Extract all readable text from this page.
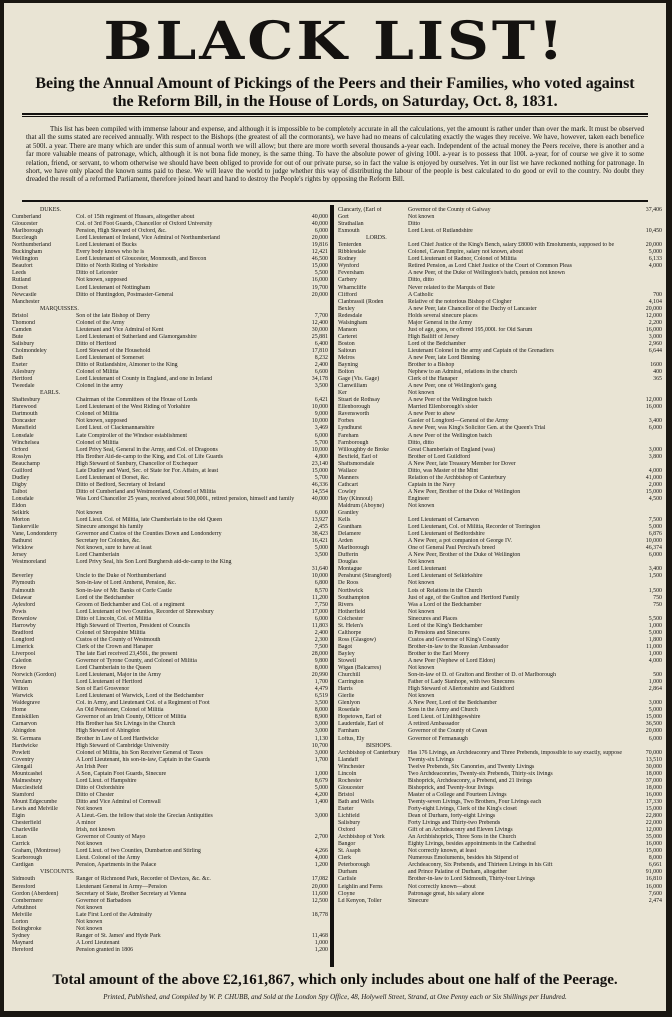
BLACK LIST!
Being the Annual Amount of Pickings of the Peers and their Families, who voted against the Reform Bill, in the House of Lords, on Saturday, Oct. 8, 1831.
This list has been compiled with immense labour and expense, and although it is impossible to be completely accurate in all the calculations, yet the amount is rather under than over the mark. It must be observed that all the sums stated are received annually. With respect to the Bishops (the greatest of all the cormorants), we have had no means of calculating exactly the wages they receive. We have, however, taken each benefice at 500l. a year. There are many which are under this sum of annual worth we will allow; but there are more worth several thousands a-year each. Independent of the actual money the Peers receive, there is another and a far more valuable means of patronage, which, although it is not bona fide money, is the same thing. To have the absolute power of giving 100l. a-year is to possess that 100l. a-year, for of course we give it to some relation, friend, or servant, to whom otherwise we should have been obliged to provide for out of our private purse, so in fact the value is enjoyed by ourselves. Yet in our list we have reckoned nothing for patronage. In short, we have only placed the known sums paid to these. We will leave the world to judge whether this way of distributing the labour of the people is best calculated to do good or evil to the country. No doubt they dreaded the result of a reformed Parliament, therefore joined heart and hand to destroy the People's rights by opposing the Reform Bill.
DUKES.
Cumberland	Col. of 15th regiment of Hussars, altogether about	40,000
Gloucester	Col. of 3rd Foot Guards, Chancellor of Oxford University	40,000
Marlborough	Pension, High Steward of Oxford, &c.	6,000
Buccleugh	Lord Lieutenant of Ireland, Vice Admiral of Northumberland	20,000
Northumberland	Lord Lieutenant of Bucks	19,816
Buckingham	Every body knows who he is	12,421
Wellington	Lord Lieutenant of Gloucester, Monmouth, and Brecon	46,500
Beaufort	Ditto of North Riding of Yorkshire	15,000
Leeds	Ditto of Leicester	5,500
Rutland	Not known, supposed	16,000
Dorset	Lord Lieutenant of Nottingham	19,700
Newcastle	Ditto of Huntingdon, Postmaster-General	20,000
Manchester
MARQUISSES.
Bristol	Son of the late Bishop of Derry	7,700
Thomond	Colonel of the Army	12,400
Camden	Lieutenant and Vice Admiral of Kent	30,000
Bute	Lord Lieutenant of Sutherland and Glamorganshire	25,881
Salisbury	Ditto of Hertford	6,400
Cholmondeley	Lord Steward of the Household	17,810
Bath	Lord Lieutenant of Somerset	8,232
Exeter	Ditto of Rutlandshire, Almoner to the King	2,400
Ailesbury	Colonel of Militia	6,600
Hertford	Lord Lieutenant of County in England, and one in Ireland	34,178
Tweedale	Colonel in the army	3,500
EARLS.
Shaftesbury	Chairman of the Committees of the House of Lords	6,421
Harewood	Lord Lieutenant of the West Riding of Yorkshire	10,000
Dartmouth	Colonel of Militia	9,000
Doncaster	Not known, supposed	10,000
Mansfield	Lord Lieut. of Clackmannanshire	3,469
Lonsdale	Late Comptroller of the Windsor establishment	6,000
Winchelsea	Colonel of Militia	5,700
Orford	Lord Privy Seal, General in the Army, and Col. of Dragoons	10,000
Rosslyn	His Brother Aid-de-camp to the King, and Col. of Life Guards	4,800
Beauchamp	High Steward of Sunbury, Chancellor of Exchequer	23,140
Guilford	Late Dudley and Ward, Sec. of State for For. Affairs, at least	15,000
Dudley	Lord Lieutenant of Dorset, &c.	5,700
Digby	Ditto of Bedford, Secretary of Ireland	46,336
Talbot	Ditto of Cumberland and Westmoreland, Colonel of Militia	14,554
Lonsdale	Was Lord Chancellor 25 years, received about 500,000l., retired pension, himself and family	40,000
Eldon
Selkirk	Not known	6,000
Morton	Lord Lieut. Col. of Militia, late Chamberlain to the old Queen	13,927
Tankerville	Sinecure amongst his family	2,455
Vane, Londonderry	Governor and Custos of the Counties Down and Londonderry	38,423
Bathurst	Secretary for Colonies, &c.	16,421
Wicklow	Not known, sure to have at least	5,000
Jersey	Lord Chamberlain	3,500
Westmoreland	Lord Privy Seal, his Son Lord Burghersh aid-de-camp to the King
31,640
Beverley	Uncle to the Duke of Northumberland	10,000
Plymouth	Son-in-law of Lord Amherst, Pension, &c.	6,800
Falmouth	Son-in-law of Mr. Banks of Corfe Castle	8,570
Delawar	Lord of the Bedchamber	11,200
Aylesford	Groom of Bedchamber and Col. of a regiment	7,750
Powis	Lord Lieutenant of two Counties, Recorder of Shrewsbury	17,000
Brownlow	Ditto of Lincoln, Col. of Militia	6,000
Harrowby	High Steward of Tiverton, President of Councils	11,803
Bradford	Colonel of Shropshire Militia	2,400
Longford	Custos of the County of Westmouth	2,300
Limerick	Clerk of the Crown and Hanaper	7,500
Liverpool	The late Earl received 23,450l., the present	28,000
Caledon	Governor of Tyrone County, and Colonel of Militia	9,800
Howe	Lord Chamberlain to the Queen	8,000
Norwich (Gordon)	Lord Lieutenant, Major in the Army	20,990
Verulam	Lord Lieutenant of Hertford	1,700
Wilton	Son of Earl Grosvenor	4,479
Warwick	Lord Lieutenant of Warwick, Lord of the Bedchamber	6,519
Waldegrave	Col. in Army, and Lieutenant Col. of a Regiment of Foot	3,500
Home	An Old Pensioner, Colonel of Militia	8,000
Enniskillen	Governor of an Irish County, Officer of Militia	8,900
Carnarvon	His Brother has Six Livings in the Church	3,000
Abingdon	High Steward of Abingdon	3,000
St. Germans	Brother in Law of Lord Hardwicke	1,130
Hardwicke	High Steward of Cambridge University	10,700
Powlett	Colonel of Militia, his Son Receiver General of Taxes	3,000
Coventry	A Lord Lieutenant, his son-in-law, Captain in the Guards	1,700
Glengall	An Irish Peer
Mountcashel	A Son, Captain Foot Guards, Sinecure	1,000
Malmesbury	Lord Lieut. of Hampshire	8,679
Macclesfield	Ditto of Oxfordshire	5,000
Stamford	Ditto of Chester	4,200
Mount Edgecumbe	Ditto and Vice Admiral of Cornwall	1,400
Lewis and Melville	Not known
Eigin	A Lieut.-Gen. the fellow that stole the Grecian Antiquities	3,000
Chesterfield	A minor
Charleville	Irish, not known
Lucan	Governor of County of Mayo	2,700
Carrick	Not known
Graham, (Montrose)	Lord Lieut. of two Counties, Dumbarton and Stirling	4,266
Scarborough	Lieut. Colonel of the Army	4,000
Cardigan	Pension, Apartments in the Palace	1,200
VISCOUNTS.
Sidmouth	Ranger of Richmond Park, Recorder of Devizes, &c. &c.	17,082
Beresford	Lieutenant General in Army—Pension	20,000
Gordon (Aberdeen)	Secretary of State, Brother Secretary at Vienna	11,600
Combermere	Governor of Barbadoes	12,500
Arbuthnot	Not known
Melville	Late First Lord of the Admiralty	18,778
Lorton	Not known
Bolingbroke	Not known
Sydney	Ranger of St. James' and Hyde Park	11,468
Maynard	A Lord Lieutenant	1,000
Hereford	Pension granted in 1806	1,200
Clancarty, (Earl of	Governor of the County of Galway	37,406
Gort	Not known
Strathallan	Ditto
Exmouth	Lord Lieut. of Rutlandshire	10,450
LORDS.
Tenterden	Lord Chief Justice of the King's Bench, salary £8000 with Emoluments, supposed to be	20,000
Ribblesdale	Colonel, Cavan Empire, salary not known, about	5,000
Rodney	Lord Lieutenant of Radnor, Colonel of Militia	6,133
Wynford	Retired Pension, as Lord Chief Justice of the Court of Common Pleas	4,000
Feversham	A new Peer, of the Duke of Wellington's batch, pension not known
Carbery	Ditto, ditto
Wharncliffe	Never related to the Marquis of Bute
Clifford	A Catholic	700
Clanbrassil (Roden	Relative of the notorious Bishop of Clogher	4,104
Bexley	A new Peer, late Chancellor of the Duchy of Lancaster	20,000
Redesdale	Holds several sinecure places	12,000
Walsingham	Major General in the Army	2,200
Manson	Just of age, goes, or offered 195,000l. for Old Sarum	16,000
Carteret	High Bailiff of Jersey	3,000
Boston	Lord of the Bedchamber	2,960
Saltoun	Lieutenant Colonel in the army and Captain of the Grenadiers	6,644
Melros	A new Peer, late Lord Binning
Bayning	Brother to a Bishop	1600
Bolton	Nephew to an Admiral, relations in the church	400
Gage (Vis. Gage)	Clerk of the Hanaper	365
Clanwilliam	A new Peer, one of Wellington's gang
Ker	Not known
Stuart de Rothsay	A new Peer of the Wellington batch	12,000
Ellenborough	Married Ellenborough's sister	16,000
Ravensworth	A new Peer to ahew
Forbes	Gaoler of Longford—General of the Army	3,400
Lyndhurst	A new Peer, was King's Solicitor Gen. at the Queen's Trial	6,000
Fareham	A new Peer of the Wellington batch
Farnborough	Ditto, ditto
Willoughby de Broke	Great Chamberlain of England (was)	3,000
Bexfield, Earl of	Brother of Lord Guildford	3,800
Shaftsmorsdale	A New Peer, late Treasury Member for Dover
Wallace	Ditto, was Master of the Mint	4,000
Manners	Relation of the Archbishop of Canterbury	41,000
Cathcart	Captain in the Navy	2,000
Cowley	A New Peer, Brother of the Duke of Wellington	15,000
Hay (Kinnoul)	Engineer	4,500
Maldrum (Aboyne)	Not known
Grantley
Kells	Lord Lieutenant of Carnarvon	7,500
Grantham	Lord Lieutenant, Col. of Militia, Recorder of Torrington	5,000
Delamere	Lord Lieutenant of Bedfordshire	6,876
Arden	A New Peer, a pot companion of George IV.	10,000
Marlborough	One of General Paul Percival's breed	46,374
Dufferin	A New Peer, Brother of the Duke of Wellington	6,000
Douglas	Not known
Montague	Lord Lieutenant	3,400
Penshurst (Strangford)	Lord Lieutenant of Selkirkshire	1,500
De Roos	Not known
Northwick	Lots of Relations in the Church	1,500
Southampton	Just of age, of the Grafton and Hertford Family	750
Rivers	Was a Lord of the Bedchamber	750
Hotherfield	Not known
Colchester	Sinecures and Places	5,500
St. Helen's	Lord of the King's Bedchamber	1,000
Calthorpe	In Pensions and Sinecures	5,000
Ross (Glasgow)	Custos and Governor of King's County	1,800
Bagot	Brother-in-law to the Russian Ambassador	11,000
Bayley	Brother to the Earl Morey	1,000
Stowell	A new Peer (Nephew of Lord Eldon)	4,000
Wigan (Balcarres)	Not known
Churchill	Son-in-law of D. of Grafton and Brother of D. of Marlborough	500
Carrington	Father of Lady Stanhope, with two Sinecures	1,000
Harris	High Steward of Allertonshire and Guildford	2,864
Gierlie	Not known
Glenlyon	A New Peer, Lord of the Bedchamber	3,000
Rosedale	Sons in the Army and Church	5,000
Hopetown, Earl of	Lord Lieut. of Linlithgowshire	15,000
Lauderdale, Earl of	A retired Ambassador	36,500
Farnham	Governor of the County of Cavan	20,000
Loftus, Ely	Governor of Fermanaugh	6,000
BISHOPS.
Archbishop of Canterbury	Has 176 Livings, an Archdeaconry and Three Prebends, impossible to say exactly, suppose	70,000
Llandaff	Twenty-six Livings	13,510
Winchester	Twelve Prebends, Six Canonries, and Twenty Livings	30,000
Lincoln	Two Archdeaconries, Twenty-six Prebends, Thirty-six livings	18,000
Rochester	Bishoprick, Archdeaconry, a Prebend, and 21 livings	37,000
Gloucester	Bishoprick, and Twenty-four livings	18,000
Bristol	Master of a College and Fourteen Livings	16,000
Bath and Wells	Twenty-seven Livings, Two Brothers, Four Livings each	17,330
Exeter	Forty-eight Livings, Clerk of the King's closet	15,000
Lichfield	Dean of Durham, forty-eight Livings	22,800
Salisbury	Forty Livings and Thirty-two Prebends	22,000
Oxford	Gift of an Archdeaconry and Eleven Livings	12,000
Archbishop of York	An Archbishoprick, Three Sons in the Church	35,000
Bangor	Eighty Livings, besides appointments in the Cathedral	16,000
St. Asaph	Not correctly known, at least	15,000
Clerk	Numerous Emoluments, besides his Stipend of	8,000
Peterborough	Archdeaconry, Six Prebends, and Thirteen Livings in his Gift	6,661
Durham	and Prince Palatine of Durham, altogether	91,000
Carlisle	Brother-in-law to Lord Sidmouth, Thirty-four Livings	16,810
Leighlin and Ferns	Not correctly known—about	16,000
Cloyne	Patronage great, his salary alone	7,600
Ld Kenyon, Toller	Sinecure	2,474
Total amount of the above £2,161,867, which only includes about one half of the Peerage.
Printed, Published, and Compiled by W. P. CHUBB, and Sold at the London Spy Office, 48, Holywell Street, Strand, at One Penny each or Six Shillings per Hundred.
